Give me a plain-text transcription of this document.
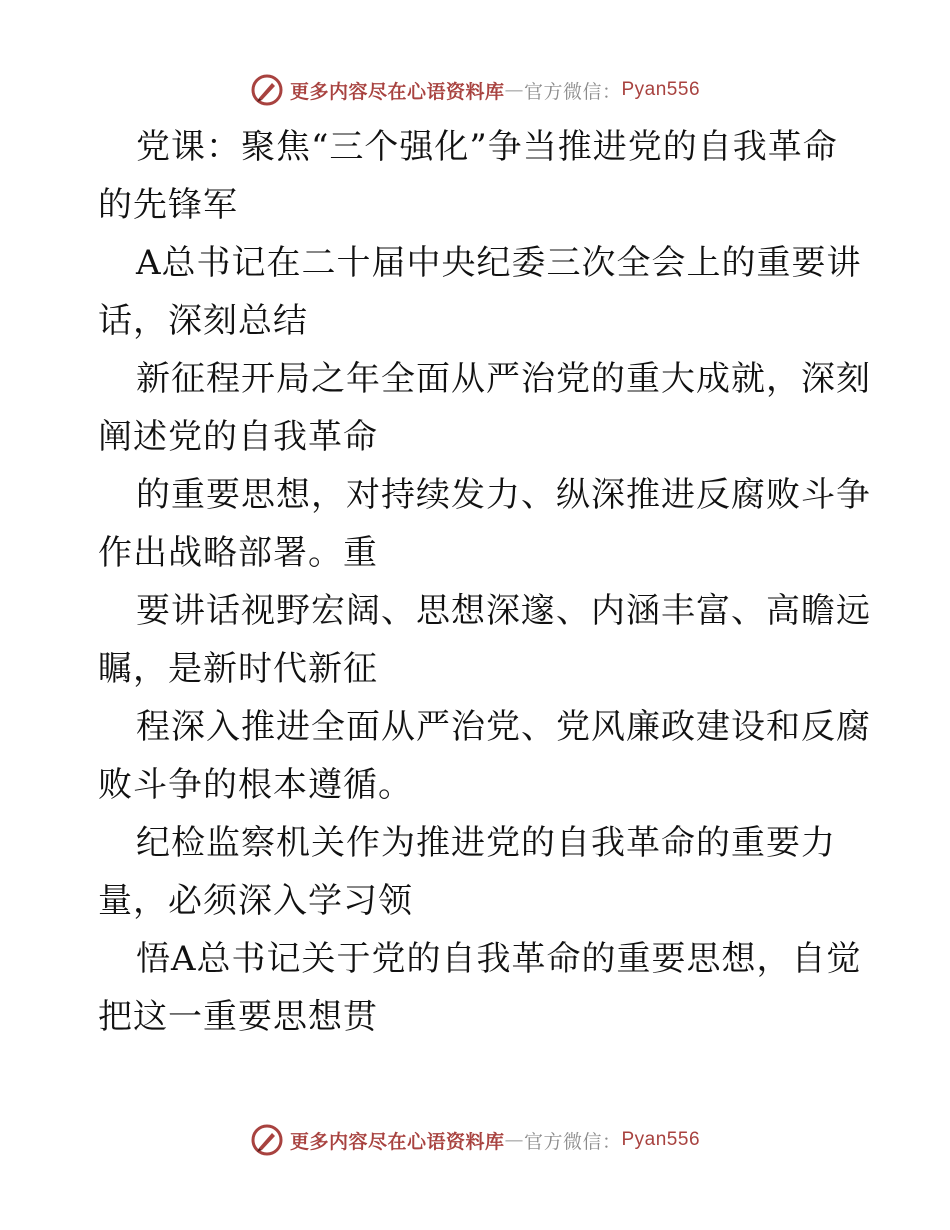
更多内容尽在心语资料库 — 官方微信： Pyan556
党课：聚焦“三个强化”争当推进党的自我革命
的先锋军
A总书记在二十届中央纪委三次全会上的重要讲
话，深刻总结
新征程开局之年全面从严治党的重大成就，深刻
阐述党的自我革命
的重要思想，对持续发力、纵深推进反腐败斗争
作出战略部署。重
要讲话视野宏阔、思想深邃、内涵丰富、高瞻远
瞩，是新时代新征
程深入推进全面从严治党、党风廉政建设和反腐
败斗争的根本遵循。
纪检监察机关作为推进党的自我革命的重要力
量，必须深入学习领
悟A总书记关于党的自我革命的重要思想，自觉
把这一重要思想贯
更多内容尽在心语资料库 — 官方微信： Pyan556
